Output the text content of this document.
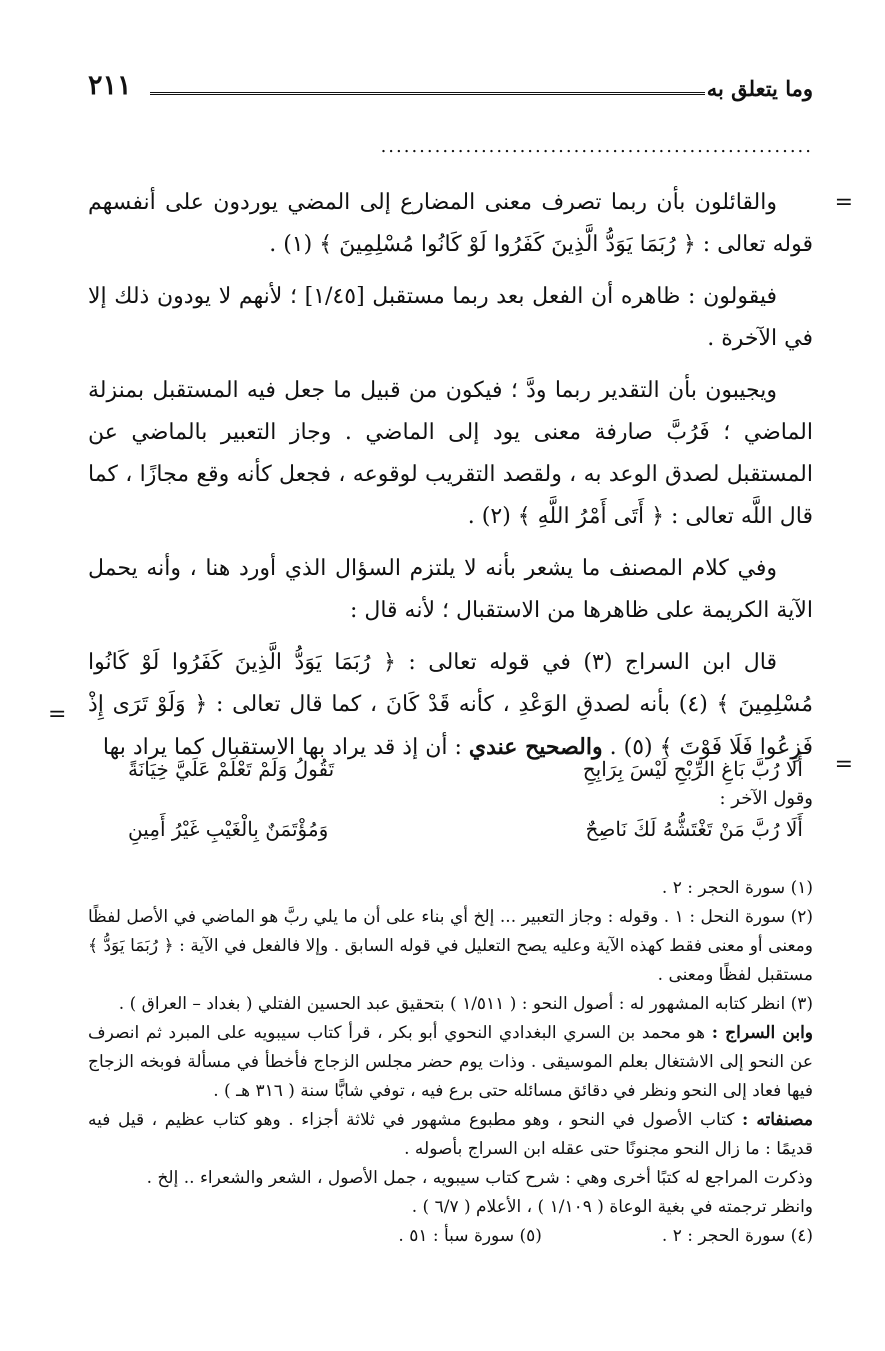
وما يتعلق به
٢١١
........................................................
=

والقائلون بأن ربما تصرف معنى المضارع إلى المضي يوردون على أنفسهم قوله تعالى : ﴿ رُبَمَا يَوَدُّ الَّذِينَ كَفَرُوا لَوْ كَانُوا مُسْلِمِينَ ﴾ (١) .

فيقولون : ظاهره أن الفعل بعد ربما مستقبل [١/٤٥] ؛ لأنهم لا يودون ذلك إلا في الآخرة .

ويجيبون بأن التقدير ربما ودَّ ؛ فيكون من قبيل ما جعل فيه المستقبل بمنزلة الماضي ؛ فَرُبَّ صارفة معنى يود إلى الماضي . وجاز التعبير بالماضي عن المستقبل لصدق الوعد به ، ولقصد التقريب لوقوعه ، فجعل كأنه وقع مجازًا ، كما قال اللَّه تعالى : ﴿ أَتَى أَمْرُ اللَّهِ ﴾ (٢) .

وفي كلام المصنف ما يشعر بأنه لا يلتزم السؤال الذي أورد هنا ، وأنه يحمل الآية الكريمة على ظاهرها من الاستقبال ؛ لأنه قال :

قال ابن السراج (٣) في قوله تعالى : ﴿ رُبَمَا يَوَدُّ الَّذِينَ كَفَرُوا لَوْ كَانُوا مُسْلِمِينَ ﴾ (٤) بأنه لصدقِ الوَعْدِ ، كأنه قَدْ كَانَ ، كما قال تعالى : ﴿ وَلَوْ تَرَى إِذْ فَزِعُوا فَلَا فَوْتَ ﴾ (٥) . والصحيح عندي : أن إذ قد يراد بها الاستقبال كما يراد بها

=
=
أَلَا رُبَّ بَاغِ الرِّبْحِ لَيْسَ بِرَابِحِ
تَقُولُ وَلَمْ تَعْلَمْ عَلَيَّ خِيَانَةً
وقول الآخر :
أَلَا رُبَّ مَنْ تَغْتَشُّهُ لَكَ نَاصِحٌ
وَمُؤْتَمَنٌ بِالْغَيْبِ غَيْرُ أَمِينِ

(١) سورة الحجر : ٢ .

(٢) سورة النحل : ١ . وقوله : وجاز التعبير ... إلخ أي بناء على أن ما يلي ربَّ هو الماضي في الأصل لفظًا ومعنى أو معنى فقط كهذه الآية وعليه يصح التعليل في قوله السابق . وإلا فالفعل في الآية : ﴿ رُبَمَا يَوَدُّ ﴾ مستقبل لفظًا ومعنى .

(٣) انظر كتابه المشهور له : أصول النحو : ( ١/٥١١ ) بتحقيق عبد الحسين الفتلي ( بغداد – العراق ) .

وابن السراج : هو محمد بن السري البغدادي النحوي أبو بكر ، قرأ كتاب سيبويه على المبرد ثم انصرف عن النحو إلى الاشتغال بعلم الموسيقى . وذات يوم حضر مجلس الزجاج فأخطأ في مسألة فوبخه الزجاج فيها فعاد إلى النحو ونظر في دقائق مسائله حتى برع فيه ، توفي شابًّا سنة ( ٣١٦ هـ ) .

مصنفاته : كتاب الأصول في النحو ، وهو مطبوع مشهور في ثلاثة أجزاء . وهو كتاب عظيم ، قيل فيه قديمًا : ما زال النحو مجنونًا حتى عقله ابن السراج بأصوله .

وذكرت المراجع له كتبًا أخرى وهي : شرح كتاب سيبويه ، جمل الأصول ، الشعر والشعراء .. إلخ .

وانظر ترجمته في بغية الوعاة ( ١/١٠٩ ) ، الأعلام ( ٦/٧ ) .

(٤) سورة الحجر : ٢ .
(٥) سورة سبأ : ٥١ .
